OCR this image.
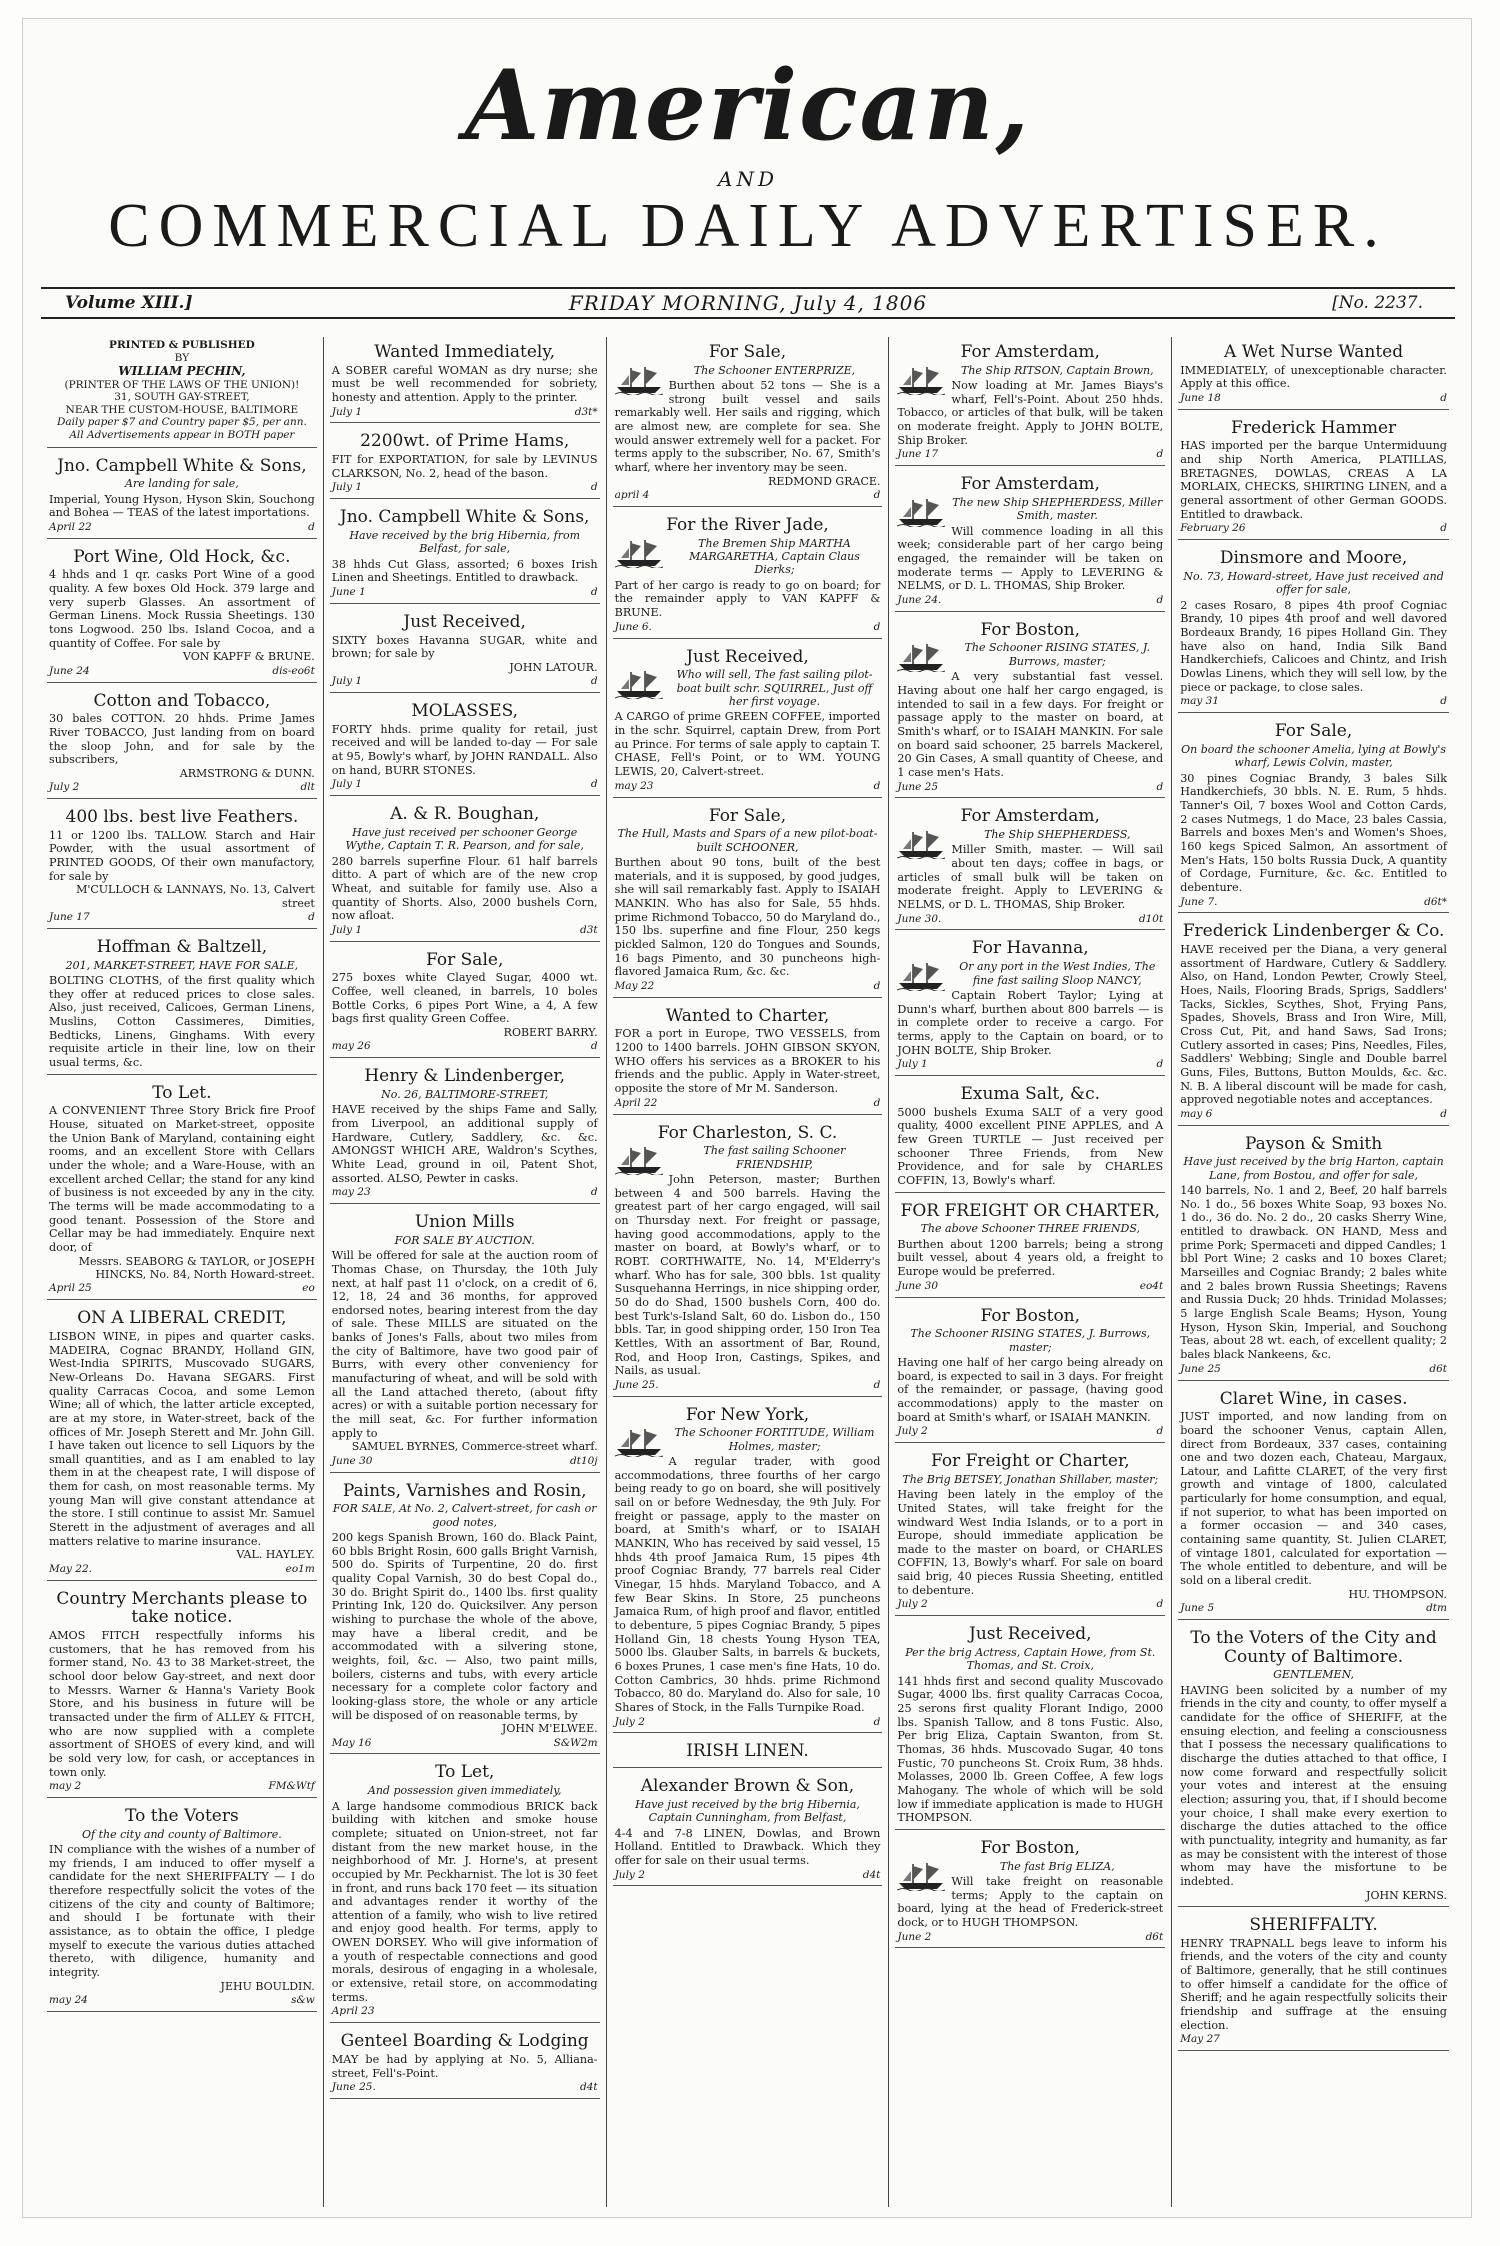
American,
AND
COMMERCIAL DAILY ADVERTISER.
Volume XIII.]	FRIDAY MORNING, July 4, 1806	[No. 2237.
PRINTED & PUBLISHED
BY
WILLIAM PECHIN,
(PRINTER OF THE LAWS OF THE UNION)!
31, SOUTH GAY-STREET,
NEAR THE CUSTOM-HOUSE, BALTIMORE
Daily paper $7 and Country paper $5, per ann.
All Advertisements appear in BOTH paper
Jno. Campbell White & Sons,
Are landing for sale,
Imperial, Young Hyson, Hyson Skin, Souchong and Bohea — TEAS of the latest importations.
April 22	d
Port Wine, Old Hock, &c.
4 hhds and 1 qr. casks Port Wine of a good quality. A few boxes Old Hock. 379 large and very superb Glasses. An assortment of German Linens. Mock Russia Sheetings. 130 tons Logwood. 250 lbs. Island Cocoa, and a quantity of Coffee. For sale by
VON KAPFF & BRUNE.
June 24	dis-eo6t
Cotton and Tobacco,
30 bales COTTON. 20 hhds. Prime James River TOBACCO, Just landing from on board the sloop John, and for sale by the subscribers,
ARMSTRONG & DUNN.
July 2	dlt
400 lbs. best live Feathers.
11 or 1200 lbs. TALLOW. Starch and Hair Powder, with the usual assortment of PRINTED GOODS, Of their own manufactory, for sale by
M'CULLOCH & LANNAYS, No. 13, Calvert street
June 17	d
Hoffman & Baltzell,
201, MARKET-STREET, HAVE FOR SALE,
BOLTING CLOTHS, of the first quality which they offer at reduced prices to close sales. Also, just received, Calicoes, German Linens, Muslins, Cotton Cassimeres, Dimities, Bedticks, Linens, Ginghams. With every requisite article in their line, low on their usual terms, &c.
To Let.
A CONVENIENT Three Story Brick fire Proof House, situated on Market-street, opposite the Union Bank of Maryland, containing eight rooms, and an excellent Store with Cellars under the whole; and a Ware-House, with an excellent arched Cellar; the stand for any kind of business is not exceeded by any in the city. The terms will be made accommodating to a good tenant. Possession of the Store and Cellar may be had immediately. Enquire next door, of
Messrs. SEABORG & TAYLOR, or JOSEPH HINCKS, No. 84, North Howard-street.
April 25	eo
ON A LIBERAL CREDIT,
LISBON WINE, in pipes and quarter casks. MADEIRA, Cognac BRANDY, Holland GIN, West-India SPIRITS, Muscovado SUGARS, New-Orleans Do. Havana SEGARS. First quality Carracas Cocoa, and some Lemon Wine; all of which, the latter article excepted, are at my store, in Water-street, back of the offices of Mr. Joseph Sterett and Mr. John Gill. I have taken out licence to sell Liquors by the small quantities, and as I am enabled to lay them in at the cheapest rate, I will dispose of them for cash, on most reasonable terms. My young Man will give constant attendance at the store. I still continue to assist Mr. Samuel Sterett in the adjustment of averages and all matters relative to marine insurance.
VAL. HAYLEY.
May 22.	eo1m
Country Merchants please to take notice.
AMOS FITCH respectfully informs his customers, that he has removed from his former stand, No. 43 to 38 Market-street, the school door below Gay-street, and next door to Messrs. Warner & Hanna's Variety Book Store, and his business in future will be transacted under the firm of ALLEY & FITCH, who are now supplied with a complete assortment of SHOES of every kind, and will be sold very low, for cash, or acceptances in town only.
may 2	FM&Wtf
To the Voters
Of the city and county of Baltimore.
IN compliance with the wishes of a number of my friends, I am induced to offer myself a candidate for the next SHERIFFALTY — I do therefore respectfully solicit the votes of the citizens of the city and county of Baltimore; and should I be fortunate with their assistance, as to obtain the office, I pledge myself to execute the various duties attached thereto, with diligence, humanity and integrity.
JEHU BOULDIN.
may 24	s&w
Wanted Immediately,
A SOBER careful WOMAN as dry nurse; she must be well recommended for sobriety, honesty and attention. Apply to the printer.
July 1	d3t*
2200wt. of Prime Hams,
FIT for EXPORTATION, for sale by LEVINUS CLARKSON, No. 2, head of the bason.
July 1	d
Jno. Campbell White & Sons,
Have received by the brig Hibernia, from Belfast, for sale,
38 hhds Cut Glass, assorted; 6 boxes Irish Linen and Sheetings. Entitled to drawback.
June 1	d
Just Received,
SIXTY boxes Havanna SUGAR, white and brown; for sale by
JOHN LATOUR.
July 1	d
MOLASSES,
FORTY hhds. prime quality for retail, just received and will be landed to-day — For sale at 95, Bowly's wharf, by JOHN RANDALL. Also on hand, BURR STONES.
July 1	d
A. & R. Boughan,
Have just received per schooner George Wythe, Captain T. R. Pearson, and for sale,
280 barrels superfine Flour. 61 half barrels ditto. A part of which are of the new crop Wheat, and suitable for family use. Also a quantity of Shorts. Also, 2000 bushels Corn, now afloat.
July 1	d3t
For Sale,
275 boxes white Clayed Sugar, 4000 wt. Coffee, well cleaned, in barrels, 10 boles Bottle Corks, 6 pipes Port Wine, a 4, A few bags first quality Green Coffee.
ROBERT BARRY.
may 26	d
Henry & Lindenberger,
No. 26, BALTIMORE-STREET,
HAVE received by the ships Fame and Sally, from Liverpool, an additional supply of Hardware, Cutlery, Saddlery, &c. &c. AMONGST WHICH ARE, Waldron's Scythes, White Lead, ground in oil, Patent Shot, assorted. ALSO, Pewter in casks.
may 23	d
Union Mills
FOR SALE BY AUCTION.
Will be offered for sale at the auction room of Thomas Chase, on Thursday, the 10th July next, at half past 11 o'clock, on a credit of 6, 12, 18, 24 and 36 months, for approved endorsed notes, bearing interest from the day of sale. These MILLS are situated on the banks of Jones's Falls, about two miles from the city of Baltimore, have two good pair of Burrs, with every other conveniency for manufacturing of wheat, and will be sold with all the Land attached thereto, (about fifty acres) or with a suitable portion necessary for the mill seat, &c. For further information apply to
SAMUEL BYRNES, Commerce-street wharf.
June 30	dt10j
Paints, Varnishes and Rosin,
FOR SALE, At No. 2, Calvert-street, for cash or good notes,
200 kegs Spanish Brown, 160 do. Black Paint, 60 bbls Bright Rosin, 600 galls Bright Varnish, 500 do. Spirits of Turpentine, 20 do. first quality Copal Varnish, 30 do best Copal do., 30 do. Bright Spirit do., 1400 lbs. first quality Printing Ink, 120 do. Quicksilver. Any person wishing to purchase the whole of the above, may have a liberal credit, and be accommodated with a silvering stone, weights, foil, &c. — Also, two paint mills, boilers, cisterns and tubs, with every article necessary for a complete color factory and looking-glass store, the whole or any article will be disposed of on reasonable terms, by
JOHN M'ELWEE.
May 16	S&W2m
To Let,
And possession given immediately,
A large handsome commodious BRICK back building with kitchen and smoke house complete; situated on Union-street, not far distant from the new market house, in the neighborhood of Mr. J. Horne's, at present occupied by Mr. Peckharnist. The lot is 30 feet in front, and runs back 170 feet — its situation and advantages render it worthy of the attention of a family, who wish to live retired and enjoy good health. For terms, apply to OWEN DORSEY. Who will give information of a youth of respectable connections and good morals, desirous of engaging in a wholesale, or extensive, retail store, on accommodating terms.
April 23
Genteel Boarding & Lodging
MAY be had by applying at No. 5, Alliana-street, Fell's-Point.
June 25.	d4t
For Sale,
The Schooner ENTERPRIZE,
Burthen about 52 tons — She is a strong built vessel and sails remarkably well. Her sails and rigging, which are almost new, are complete for sea. She would answer extremely well for a packet. For terms apply to the subscriber, No. 67, Smith's wharf, where her inventory may be seen.
REDMOND GRACE.
april 4	d
For the River Jade,
The Bremen Ship MARTHA MARGARETHA, Captain Claus Dierks;
Part of her cargo is ready to go on board; for the remainder apply to VAN KAPFF & BRUNE.
June 6.	d
Just Received,
Who will sell, The fast sailing pilot-boat built schr. SQUIRREL, Just off her first voyage.
A CARGO of prime GREEN COFFEE, imported in the schr. Squirrel, captain Drew, from Port au Prince. For terms of sale apply to captain T. CHASE, Fell's Point, or to WM. YOUNG LEWIS, 20, Calvert-street.
may 23	d
For Sale,
The Hull, Masts and Spars of a new pilot-boat-built SCHOONER,
Burthen about 90 tons, built of the best materials, and it is supposed, by good judges, she will sail remarkably fast. Apply to ISAIAH MANKIN. Who has also for Sale, 55 hhds. prime Richmond Tobacco, 50 do Maryland do., 150 lbs. superfine and fine Flour, 250 kegs pickled Salmon, 120 do Tongues and Sounds, 16 bags Pimento, and 30 puncheons high-flavored Jamaica Rum, &c. &c.
May 22	d
Wanted to Charter,
FOR a port in Europe, TWO VESSELS, from 1200 to 1400 barrels. JOHN GIBSON SKYON, WHO offers his services as a BROKER to his friends and the public. Apply in Water-street, opposite the store of Mr M. Sanderson.
April 22	d
For Charleston, S. C.
The fast sailing Schooner FRIENDSHIP,
John Peterson, master; Burthen between 4 and 500 barrels. Having the greatest part of her cargo engaged, will sail on Thursday next. For freight or passage, having good accommodations, apply to the master on board, at Bowly's wharf, or to ROBT. CORTHWAITE, No. 14, M'Elderry's wharf. Who has for sale, 300 bbls. 1st quality Susquehanna Herrings, in nice shipping order, 50 do do Shad, 1500 bushels Corn, 400 do. best Turk's-Island Salt, 60 do. Lisbon do., 150 bbls. Tar, in good shipping order, 150 Iron Tea Kettles, With an assortment of Bar, Round, Rod, and Hoop Iron, Castings, Spikes, and Nails, as usual.
June 25.	d
For New York,
The Schooner FORTITUDE, William Holmes, master;
A regular trader, with good accommodations, three fourths of her cargo being ready to go on board, she will positively sail on or before Wednesday, the 9th July. For freight or passage, apply to the master on board, at Smith's wharf, or to ISAIAH MANKIN, Who has received by said vessel, 15 hhds 4th proof Jamaica Rum, 15 pipes 4th proof Cogniac Brandy, 77 barrels real Cider Vinegar, 15 hhds. Maryland Tobacco, and A few Bear Skins. In Store, 25 puncheons Jamaica Rum, of high proof and flavor, entitled to debenture, 5 pipes Cogniac Brandy, 5 pipes Holland Gin, 18 chests Young Hyson TEA, 5000 lbs. Glauber Salts, in barrels & buckets, 6 boxes Prunes, 1 case men's fine Hats, 10 do. Cotton Cambrics, 30 hhds. prime Richmond Tobacco, 80 do. Maryland do. Also for sale, 10 Shares of Stock, in the Falls Turnpike Road.
July 2	d
IRISH LINEN.
Alexander Brown & Son,
Have just received by the brig Hibernia, Captain Cunningham, from Belfast,
4-4 and 7-8 LINEN, Dowlas, and Brown Holland. Entitled to Drawback. Which they offer for sale on their usual terms.
July 2	d4t
For Amsterdam,
The Ship RITSON, Captain Brown,
Now loading at Mr. James Biays's wharf, Fell's-Point. About 250 hhds. Tobacco, or articles of that bulk, will be taken on moderate freight. Apply to JOHN BOLTE, Ship Broker.
June 17	d
For Amsterdam,
The new Ship SHEPHERDESS, Miller Smith, master.
Will commence loading in all this week; considerable part of her cargo being engaged, the remainder will be taken on moderate terms — Apply to LEVERING & NELMS, or D. L. THOMAS, Ship Broker.
June 24.	d
For Boston,
The Schooner RISING STATES, J. Burrows, master;
A very substantial fast vessel. Having about one half her cargo engaged, is intended to sail in a few days. For freight or passage apply to the master on board, at Smith's wharf, or to ISAIAH MANKIN. For sale on board said schooner, 25 barrels Mackerel, 20 Gin Cases, A small quantity of Cheese, and 1 case men's Hats.
June 25	d
For Amsterdam,
The Ship SHEPHERDESS,
Miller Smith, master. — Will sail about ten days; coffee in bags, or articles of small bulk will be taken on moderate freight. Apply to LEVERING & NELMS, or D. L. THOMAS, Ship Broker.
June 30.	d10t
For Havanna,
Or any port in the West Indies, The fine fast sailing Sloop NANCY,
Captain Robert Taylor; Lying at Dunn's wharf, burthen about 800 barrels — is in complete order to receive a cargo. For terms, apply to the Captain on board, or to JOHN BOLTE, Ship Broker.
July 1	d
Exuma Salt, &c.
5000 bushels Exuma SALT of a very good quality, 4000 excellent PINE APPLES, and A few Green TURTLE — Just received per schooner Three Friends, from New Providence, and for sale by CHARLES COFFIN, 13, Bowly's wharf.
FOR FREIGHT OR CHARTER,
The above Schooner THREE FRIENDS,
Burthen about 1200 barrels; being a strong built vessel, about 4 years old, a freight to Europe would be preferred.
June 30	eo4t
For Boston,
The Schooner RISING STATES, J. Burrows, master;
Having one half of her cargo being already on board, is expected to sail in 3 days. For freight of the remainder, or passage, (having good accommodations) apply to the master on board at Smith's wharf, or ISAIAH MANKIN.
July 2	d
For Freight or Charter,
The Brig BETSEY, Jonathan Shillaber, master;
Having been lately in the employ of the United States, will take freight for the windward West India Islands, or to a port in Europe, should immediate application be made to the master on board, or CHARLES COFFIN, 13, Bowly's wharf. For sale on board said brig, 40 pieces Russia Sheeting, entitled to debenture.
July 2	d
Just Received,
Per the brig Actress, Captain Howe, from St. Thomas, and St. Croix,
141 hhds first and second quality Muscovado Sugar, 4000 lbs. first quality Carracas Cocoa, 25 serons first quality Florant Indigo, 2000 lbs. Spanish Tallow, and 8 tons Fustic. Also, Per brig Eliza, Captain Swanton, from St. Thomas, 36 hhds. Muscovado Sugar, 40 tons Fustic, 70 puncheons St. Croix Rum, 38 hhds. Molasses, 2000 lb. Green Coffee, A few logs Mahogany. The whole of which will be sold low if immediate application is made to HUGH THOMPSON.
For Boston,
The fast Brig ELIZA,
Will take freight on reasonable terms; Apply to the captain on board, lying at the head of Frederick-street dock, or to HUGH THOMPSON.
June 2	d6t
A Wet Nurse Wanted
IMMEDIATELY, of unexceptionable character. Apply at this office.
June 18	d
Frederick Hammer
HAS imported per the barque Untermiduung and ship North America, PLATILLAS, BRETAGNES, DOWLAS, CREAS A LA MORLAIX, CHECKS, SHIRTING LINEN, and a general assortment of other German GOODS. Entitled to drawback.
February 26	d
Dinsmore and Moore,
No. 73, Howard-street, Have just received and offer for sale,
2 cases Rosaro, 8 pipes 4th proof Cogniac Brandy, 10 pipes 4th proof and well davored Bordeaux Brandy, 16 pipes Holland Gin. They have also on hand, India Silk Band Handkerchiefs, Calicoes and Chintz, and Irish Dowlas Linens, which they will sell low, by the piece or package, to close sales.
may 31	d
For Sale,
On board the schooner Amelia, lying at Bowly's wharf, Lewis Colvin, master,
30 pines Cogniac Brandy, 3 bales Silk Handkerchiefs, 30 bbls. N. E. Rum, 5 hhds. Tanner's Oil, 7 boxes Wool and Cotton Cards, 2 cases Nutmegs, 1 do Mace, 23 bales Cassia, Barrels and boxes Men's and Women's Shoes, 160 kegs Spiced Salmon, An assortment of Men's Hats, 150 bolts Russia Duck, A quantity of Cordage, Furniture, &c. &c. Entitled to debenture.
June 7.	d6t*
Frederick Lindenberger & Co.
HAVE received per the Diana, a very general assortment of Hardware, Cutlery & Saddlery. Also, on Hand, London Pewter, Crowly Steel, Hoes, Nails, Flooring Brads, Sprigs, Saddlers' Tacks, Sickles, Scythes, Shot, Frying Pans, Spades, Shovels, Brass and Iron Wire, Mill, Cross Cut, Pit, and hand Saws, Sad Irons; Cutlery assorted in cases; Pins, Needles, Files, Saddlers' Webbing; Single and Double barrel Guns, Files, Buttons, Button Moulds, &c. &c. N. B. A liberal discount will be made for cash, approved negotiable notes and acceptances.
may 6	d
Payson & Smith
Have just received by the brig Harton, captain Lane, from Bostou, and offer for sale,
140 barrels, No. 1 and 2, Beef, 20 half barrels No. 1 do., 56 boxes White Soap, 93 boxes No. 1 do., 36 do. No. 2 do., 20 casks Sherry Wine, entitled to drawback. ON HAND, Mess and prime Pork; Spermaceti and dipped Candles; 1 bbl Port Wine; 2 casks and 10 boxes Claret; Marseilles and Cogniac Brandy; 2 bales white and 2 bales brown Russia Sheetings; Ravens and Russia Duck; 20 hhds. Trinidad Molasses; 5 large English Scale Beams; Hyson, Young Hyson, Hyson Skin, Imperial, and Souchong Teas, about 28 wt. each, of excellent quality; 2 bales black Nankeens, &c.
June 25	d6t
Claret Wine, in cases.
JUST imported, and now landing from on board the schooner Venus, captain Allen, direct from Bordeaux, 337 cases, containing one and two dozen each, Chateau, Margaux, Latour, and Lafitte CLARET, of the very first growth and vintage of 1800, calculated particularly for home consumption, and equal, if not superior, to what has been imported on a former occasion — and 340 cases, containing same quantity, St. Julien CLARET, of vintage 1801, calculated for exportation — The whole entitled to debenture, and will be sold on a liberal credit.
HU. THOMPSON.
June 5	dtm
To the Voters of the City and County of Baltimore.
GENTLEMEN,
HAVING been solicited by a number of my friends in the city and county, to offer myself a candidate for the office of SHERIFF, at the ensuing election, and feeling a consciousness that I possess the necessary qualifications to discharge the duties attached to that office, I now come forward and respectfully solicit your votes and interest at the ensuing election; assuring you, that, if I should become your choice, I shall make every exertion to discharge the duties attached to the office with punctuality, integrity and humanity, as far as may be consistent with the interest of those whom may have the misfortune to be indebted.
JOHN KERNS.
SHERIFFALTY.
HENRY TRAPNALL begs leave to inform his friends, and the voters of the city and county of Baltimore, generally, that he still continues to offer himself a candidate for the office of Sheriff; and he again respectfully solicits their friendship and suffrage at the ensuing election.
May 27
